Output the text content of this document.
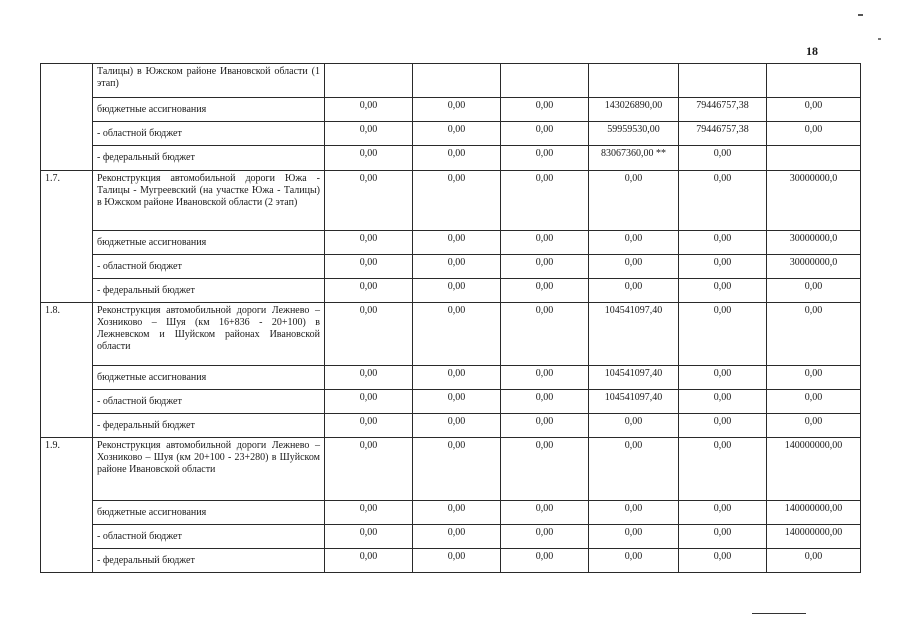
18
	Талицы) в Южском районе Ивановской области (1 этап)						
	бюджетные ассигнования	0,00	0,00	0,00	143026890,00	79446757,38	0,00
	- областной бюджет	0,00	0,00	0,00	59959530,00	79446757,38	0,00
	- федеральный бюджет	0,00	0,00	0,00	83067360,00 **	0,00	
1.7.	Реконструкция автомобильной дороги Южа - Талицы - Мугреевский (на участке Южа - Талицы) в Южском районе Ивановской области (2 этап)	0,00	0,00	0,00	0,00	0,00	30000000,0
	бюджетные ассигнования	0,00	0,00	0,00	0,00	0,00	30000000,0
	- областной бюджет	0,00	0,00	0,00	0,00	0,00	30000000,0
	- федеральный бюджет	0,00	0,00	0,00	0,00	0,00	0,00
1.8.	Реконструкция автомобильной дороги Лежнево – Хозниково – Шуя (км 16+836 - 20+100) в Лежневском и Шуйском районах Ивановской области	0,00	0,00	0,00	104541097,40	0,00	0,00
	бюджетные ассигнования	0,00	0,00	0,00	104541097,40	0,00	0,00
	- областной бюджет	0,00	0,00	0,00	104541097,40	0,00	0,00
	- федеральный бюджет	0,00	0,00	0,00	0,00	0,00	0,00
1.9.	Реконструкция автомобильной дороги Лежнево – Хозниково – Шуя (км 20+100 - 23+280) в Шуйском районе Ивановской области	0,00	0,00	0,00	0,00	0,00	140000000,00
	бюджетные ассигнования	0,00	0,00	0,00	0,00	0,00	140000000,00
	- областной бюджет	0,00	0,00	0,00	0,00	0,00	140000000,00
	- федеральный бюджет	0,00	0,00	0,00	0,00	0,00	0,00
